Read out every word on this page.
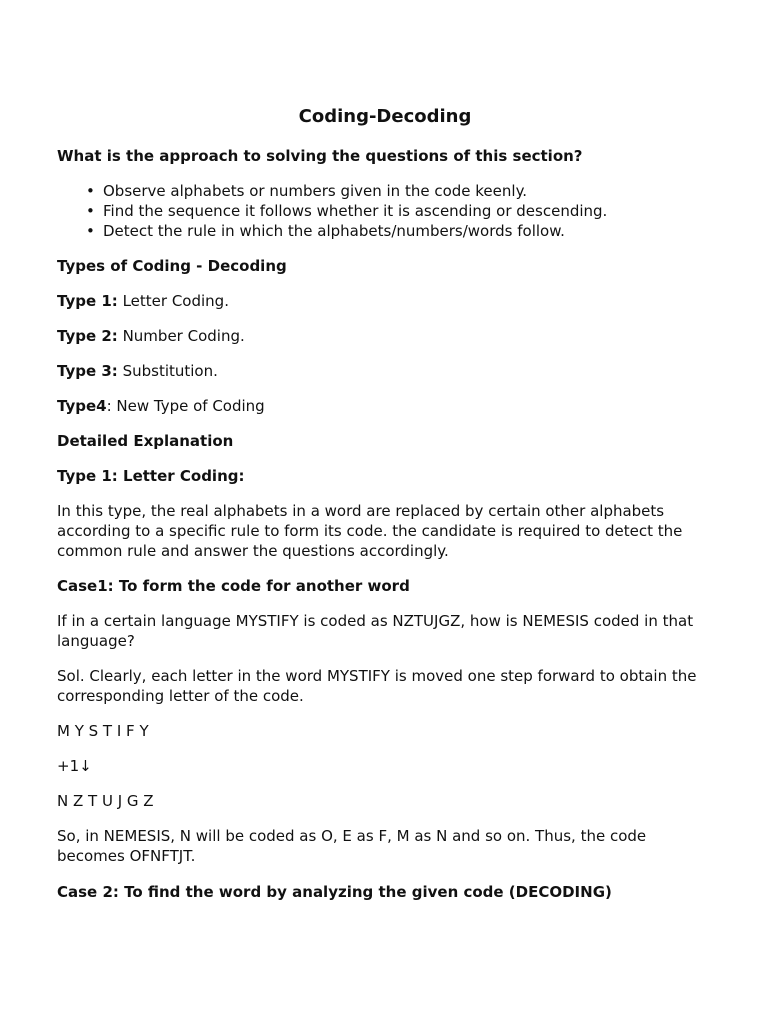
Coding-Decoding

What is the approach to solving the questions of this section?

• Observe alphabets or numbers given in the code keenly.
• Find the sequence it follows whether it is ascending or descending.
• Detect the rule in which the alphabets/numbers/words follow.

Types of Coding - Decoding

Type 1: Letter Coding.

Type 2: Number Coding.

Type 3: Substitution.

Type4: New Type of Coding

Detailed Explanation

Type 1: Letter Coding:

In this type, the real alphabets in a word are replaced by certain other alphabets according to a specific rule to form its code. the candidate is required to detect the common rule and answer the questions accordingly.

Case1: To form the code for another word

If in a certain language MYSTIFY is coded as NZTUJGZ, how is NEMESIS coded in that language?

Sol. Clearly, each letter in the word MYSTIFY is moved one step forward to obtain the corresponding letter of the code.

M Y S T I F Y

+1↓

N Z T U J G Z

So, in NEMESIS, N will be coded as O, E as F, M as N and so on. Thus, the code becomes OFNFTJT.

Case 2: To find the word by analyzing the given code (DECODING)
